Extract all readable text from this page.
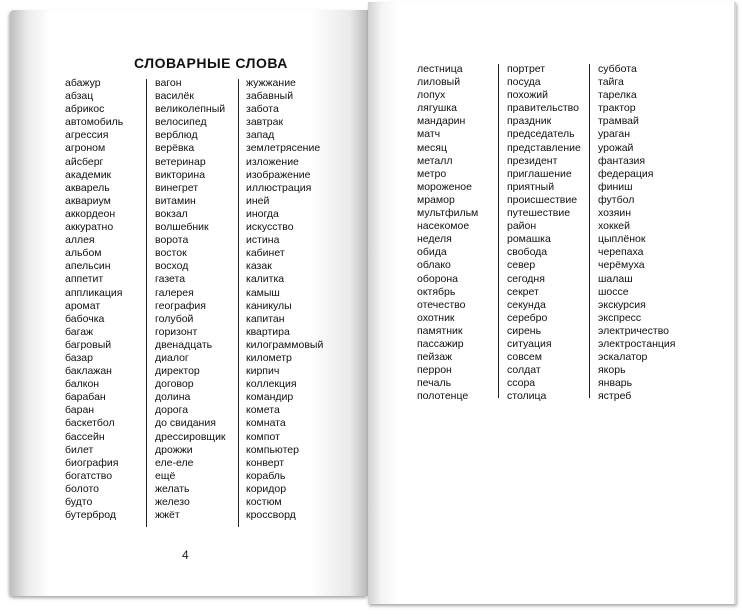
СЛОВАРНЫЕ СЛОВА
абажур
абзац
абрикос
автомобиль
агрессия
агроном
айсберг
академик
акварель
аквариум
аккордеон
аккуратно
аллея
альбом
апельсин
аппетит
аппликация
аромат
бабочка
багаж
багровый
базар
баклажан
балкон
барабан
баран
баскетбол
бассейн
билет
биография
богатство
болото
будто
бутерброд
вагон
василёк
великолепный
велосипед
верблюд
верёвка
ветеринар
викторина
винегрет
витамин
вокзал
волшебник
ворота
восток
восход
газета
галерея
география
голубой
горизонт
двенадцать
диалог
директор
договор
долина
дорога
до свидания
дрессировщик
дрожжи
еле-еле
ещё
желать
железо
жжёт
жужжание
забавный
забота
завтрак
запад
землетрясение
изложение
изображение
иллюстрация
иней
иногда
искусство
истина
кабинет
казак
калитка
камыш
каникулы
капитан
квартира
килограммовый
километр
кирпич
коллекция
командир
комета
комната
компот
компьютер
конверт
корабль
коридор
костюм
кроссворд
4
лестница
лиловый
лопух
лягушка
мандарин
матч
месяц
металл
метро
мороженое
мрамор
мультфильм
насекомое
неделя
обида
облако
оборона
октябрь
отечество
охотник
памятник
пассажир
пейзаж
перрон
печаль
полотенце
портрет
посуда
похожий
правительство
праздник
председатель
представление
президент
приглашение
приятный
происшествие
путешествие
район
ромашка
свобода
север
сегодня
секрет
секунда
серебро
сирень
ситуация
совсем
солдат
ссора
столица
суббота
тайга
тарелка
трактор
трамвай
ураган
урожай
фантазия
федерация
финиш
футбол
хозяин
хоккей
цыплёнок
черепаха
черёмуха
шалаш
шоссе
экскурсия
экспресс
электричество
электростанция
эскалатор
якорь
январь
ястреб
